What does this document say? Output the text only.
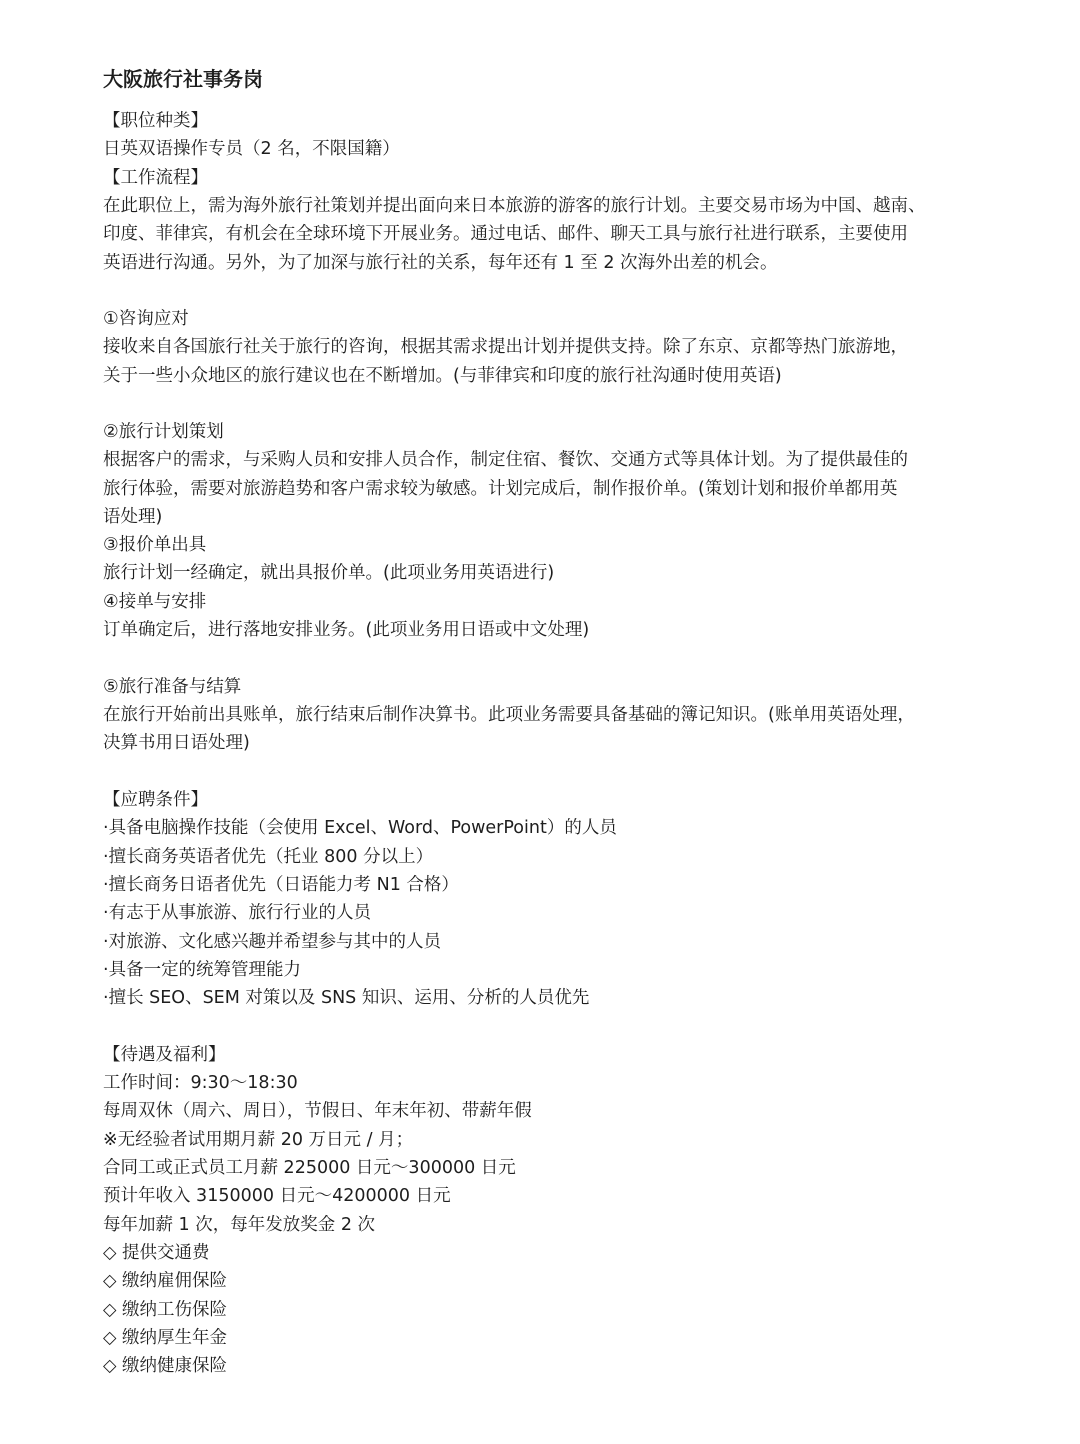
大阪旅行社事务岗
【职位种类】
日英双语操作专员（2 名，不限国籍）
【工作流程】
在此职位上，需为海外旅行社策划并提出面向来日本旅游的游客的旅行计划。主要交易市场为中国、越南、
印度、菲律宾，有机会在全球环境下开展业务。通过电话、邮件、聊天工具与旅行社进行联系，主要使用
英语进行沟通。另外，为了加深与旅行社的关系，每年还有 1 至 2 次海外出差的机会。
①咨询应对
接收来自各国旅行社关于旅行的咨询，根据其需求提出计划并提供支持。除了东京、京都等热门旅游地，
关于一些小众地区的旅行建议也在不断增加。(与菲律宾和印度的旅行社沟通时使用英语)
②旅行计划策划
根据客户的需求，与采购人员和安排人员合作，制定住宿、餐饮、交通方式等具体计划。为了提供最佳的
旅行体验，需要对旅游趋势和客户需求较为敏感。计划完成后，制作报价单。(策划计划和报价单都用英
语处理)
③报价单出具
旅行计划一经确定，就出具报价单。(此项业务用英语进行)
④接单与安排
订单确定后，进行落地安排业务。(此项业务用日语或中文处理)
⑤旅行准备与结算
在旅行开始前出具账单，旅行结束后制作决算书。此项业务需要具备基础的簿记知识。(账单用英语处理，
决算书用日语处理)
【应聘条件】
·具备电脑操作技能（会使用 Excel、Word、PowerPoint）的人员
·擅长商务英语者优先（托业 800 分以上）
·擅长商务日语者优先（日语能力考 N1 合格）
·有志于从事旅游、旅行行业的人员
·对旅游、文化感兴趣并希望参与其中的人员
·具备一定的统筹管理能力
·擅长 SEO、SEM 对策以及 SNS 知识、运用、分析的人员优先
【待遇及福利】
工作时间：9:30～18:30
每周双休（周六、周日），节假日、年末年初、带薪年假
※无经验者试用期月薪 20 万日元 / 月；
合同工或正式员工月薪 225000 日元～300000 日元
预计年收入 3150000 日元～4200000 日元
每年加薪 1 次，每年发放奖金 2 次
◇ 提供交通费
◇ 缴纳雇佣保险
◇ 缴纳工伤保险
◇ 缴纳厚生年金
◇ 缴纳健康保险
